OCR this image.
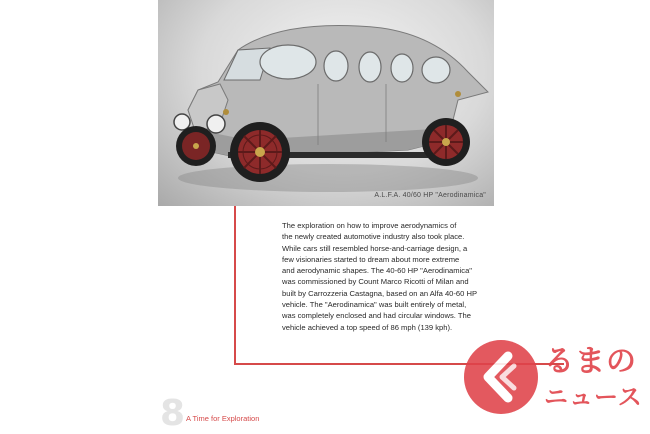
A.L.F.A. 40/60 HP "Aerodinamica"
The exploration on how to improve aerodynamics of
the newly created automotive industry also took place.
While cars still resembled horse-and-carriage design, a
few visionaries started to dream about more extreme
and aerodynamic shapes. The 40-60 HP "Aerodinamica"
was commissioned by Count Marco Ricotti of Milan and
built by Carrozzeria Castagna, based on an Alfa 40-60 HP
vehicle. The "Aerodinamica" was built entirely of metal,
was completely enclosed and had circular windows. The
vehicle achieved a top speed of 86 mph (139 kph).
8 A Time for Exploration
るまの
ニュース
